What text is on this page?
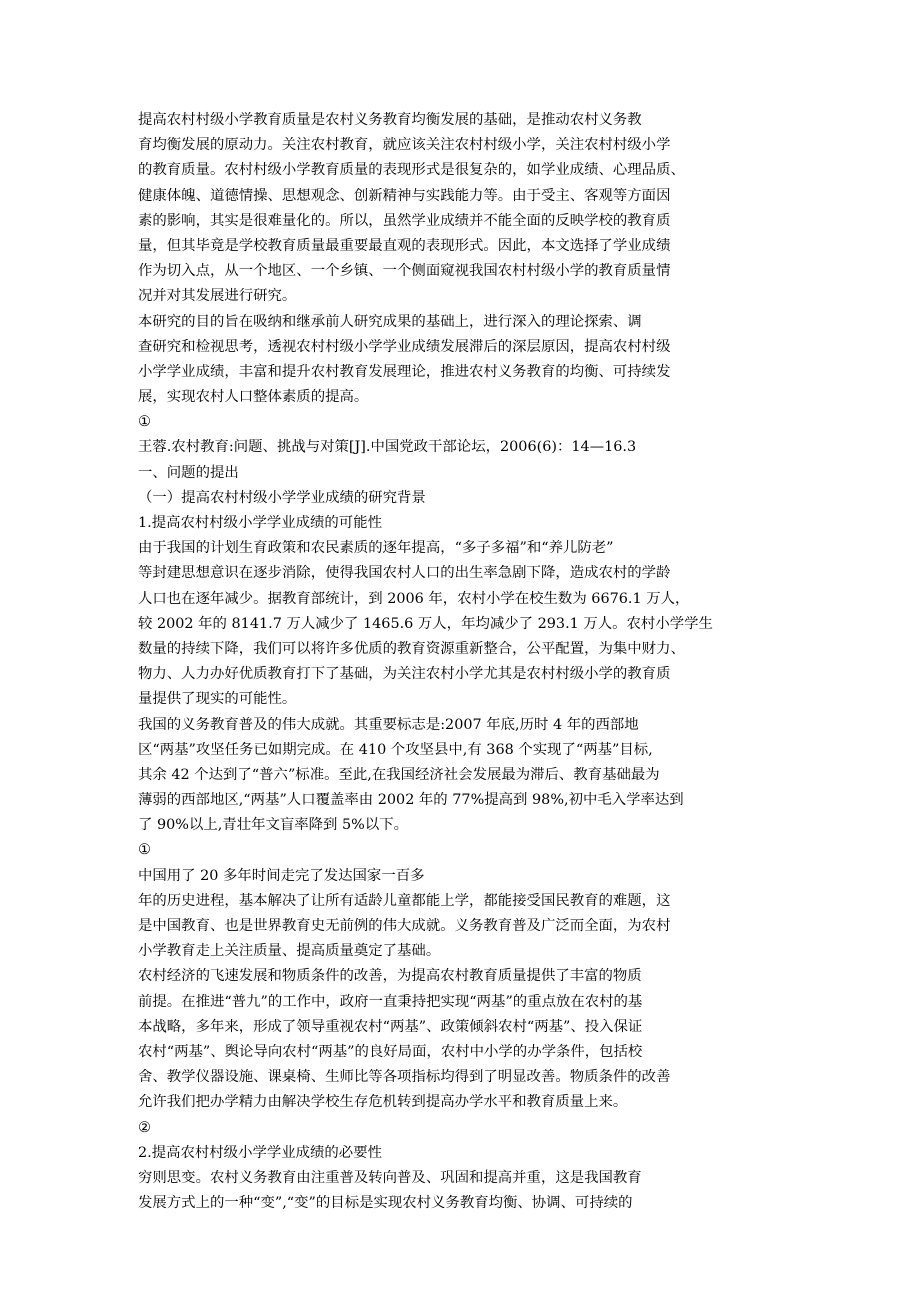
提高农村村级小学教育质量是农村义务教育均衡发展的基础，是推动农村义务教
育均衡发展的原动力。关注农村教育，就应该关注农村村级小学，关注农村村级小学
的教育质量。农村村级小学教育质量的表现形式是很复杂的，如学业成绩、心理品质、
健康体魄、道德情操、思想观念、创新精神与实践能力等。由于受主、客观等方面因
素的影响，其实是很难量化的。所以，虽然学业成绩并不能全面的反映学校的教育质
量，但其毕竟是学校教育质量最重要最直观的表现形式。因此，本文选择了学业成绩
作为切入点，从一个地区、一个乡镇、一个侧面窥视我国农村村级小学的教育质量情
况并对其发展进行研究。
本研究的目的旨在吸纳和继承前人研究成果的基础上，进行深入的理论探索、调
查研究和检视思考，透视农村村级小学学业成绩发展滞后的深层原因，提高农村村级
小学学业成绩，丰富和提升农村教育发展理论，推进农村义务教育的均衡、可持续发
展，实现农村人口整体素质的提高。
①
王蓉.农村教育:问题、挑战与对策[J].中国党政干部论坛，2006(6)：14—16.3
一、问题的提出
（一）提高农村村级小学学业成绩的研究背景
1.提高农村村级小学学业成绩的可能性
由于我国的计划生育政策和农民素质的逐年提高，“多子多福”和“养儿防老”
等封建思想意识在逐步消除，使得我国农村人口的出生率急剧下降，造成农村的学龄
人口也在逐年减少。据教育部统计，到 2006 年，农村小学在校生数为 6676.1 万人，
较 2002 年的 8141.7 万人减少了 1465.6 万人，年均减少了 293.1 万人。农村小学学生
数量的持续下降，我们可以将许多优质的教育资源重新整合，公平配置，为集中财力、
物力、人力办好优质教育打下了基础，为关注农村小学尤其是农村村级小学的教育质
量提供了现实的可能性。
我国的义务教育普及的伟大成就。其重要标志是:2007 年底,历时 4 年的西部地
区“两基”攻坚任务已如期完成。在 410 个攻坚县中,有 368 个实现了“两基”目标,
其余 42 个达到了“普六”标准。至此,在我国经济社会发展最为滞后、教育基础最为
薄弱的西部地区,“两基”人口覆盖率由 2002 年的 77%提高到 98%,初中毛入学率达到
了 90%以上,青壮年文盲率降到 5%以下。
①
中国用了 20 多年时间走完了发达国家一百多
年的历史进程，基本解决了让所有适龄儿童都能上学，都能接受国民教育的难题，这
是中国教育、也是世界教育史无前例的伟大成就。义务教育普及广泛而全面，为农村
小学教育走上关注质量、提高质量奠定了基础。
农村经济的飞速发展和物质条件的改善，为提高农村教育质量提供了丰富的物质
前提。在推进“普九”的工作中，政府一直秉持把实现“两基”的重点放在农村的基
本战略，多年来，形成了领导重视农村“两基”、政策倾斜农村“两基”、投入保证
农村“两基”、舆论导向农村“两基”的良好局面，农村中小学的办学条件，包括校
舍、教学仪器设施、课桌椅、生师比等各项指标均得到了明显改善。物质条件的改善
允许我们把办学精力由解决学校生存危机转到提高办学水平和教育质量上来。
②
2.提高农村村级小学学业成绩的必要性
穷则思变。农村义务教育由注重普及转向普及、巩固和提高并重，这是我国教育
发展方式上的一种“变”,“变”的目标是实现农村义务教育均衡、协调、可持续的
